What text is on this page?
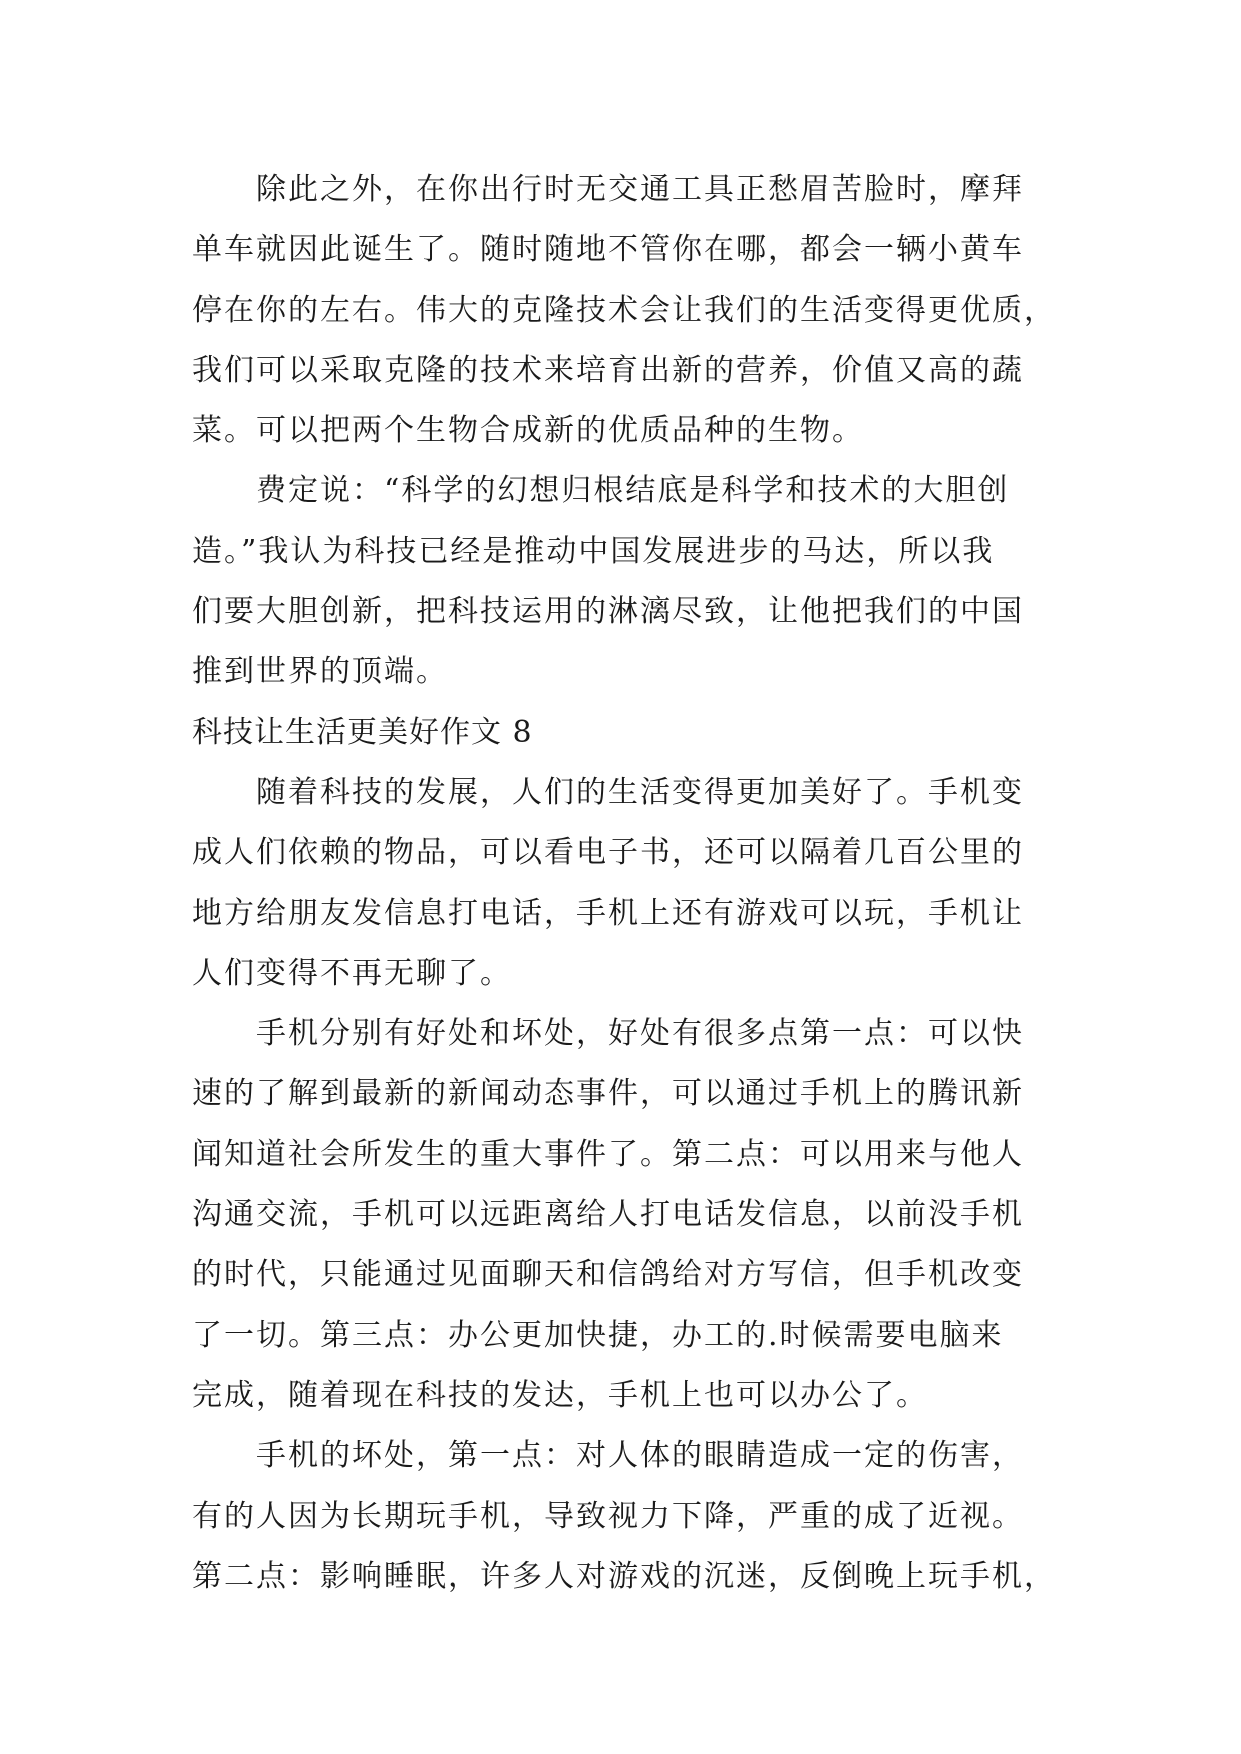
除此之外，在你出行时无交通工具正愁眉苦脸时，摩拜
单车就因此诞生了。随时随地不管你在哪，都会一辆小黄车
停在你的左右。伟大的克隆技术会让我们的生活变得更优质，
我们可以采取克隆的技术来培育出新的营养，价值又高的蔬
菜。可以把两个生物合成新的优质品种的生物。

费定说：“科学的幻想归根结底是科学和技术的大胆创
造。”我认为科技已经是推动中国发展进步的马达，所以我
们要大胆创新，把科技运用的淋漓尽致，让他把我们的中国
推到世界的顶端。

科技让生活更美好作文 8

随着科技的发展，人们的生活变得更加美好了。手机变
成人们依赖的物品，可以看电子书，还可以隔着几百公里的
地方给朋友发信息打电话，手机上还有游戏可以玩，手机让
人们变得不再无聊了。

手机分别有好处和坏处，好处有很多点第一点：可以快
速的了解到最新的新闻动态事件，可以通过手机上的腾讯新
闻知道社会所发生的重大事件了。第二点：可以用来与他人
沟通交流，手机可以远距离给人打电话发信息，以前没手机
的时代，只能通过见面聊天和信鸽给对方写信，但手机改变
了一切。第三点：办公更加快捷，办工的.时候需要电脑来
完成，随着现在科技的发达，手机上也可以办公了。

手机的坏处，第一点：对人体的眼睛造成一定的伤害，
有的人因为长期玩手机，导致视力下降，严重的成了近视。
第二点：影响睡眠，许多人对游戏的沉迷，反倒晚上玩手机，
